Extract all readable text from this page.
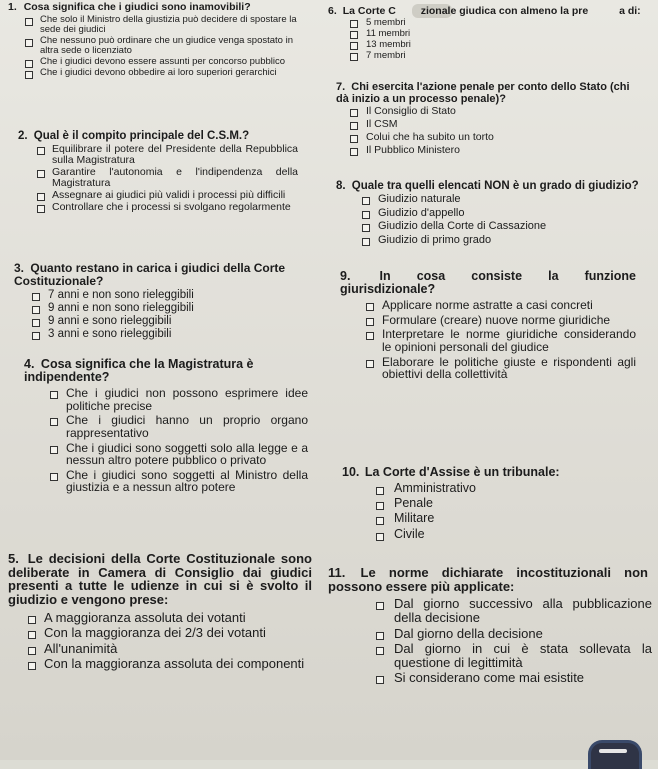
1. Cosa significa che i giudici sono inamovibili?
Che solo il Ministro della giustizia può decidere di spostare la sede dei giudici
Che nessuno può ordinare che un giudice venga spostato in altra sede o licenziato
Che i giudici devono essere assunti per concorso pubblico
Che i giudici devono obbedire ai loro superiori gerarchici
2. Qual è il compito principale del C.S.M.?
Equilibrare il potere del Presidente della Repubblica sulla Magistratura
Garantire l'autonomia e l'indipendenza della Magistratura
Assegnare ai giudici più validi i processi più difficili
Controllare che i processi si svolgano regolarmente
3. Quanto restano in carica i giudici della Corte Costituzionale?
7 anni e non sono rieleggibili
9 anni e non sono rieleggibili
9 anni e sono rieleggibili
3 anni e sono rieleggibili
4. Cosa significa che la Magistratura è indipendente?
Che i giudici non possono esprimere idee politiche precise
Che i giudici hanno un proprio organo rappresentativo
Che i giudici sono soggetti solo alla legge e a nessun altro potere pubblico o privato
Che i giudici sono soggetti al Ministro della giustizia e a nessun altro potere
5. Le decisioni della Corte Costituzionale sono deliberate in Camera di Consiglio dai giudici presenti a tutte le udienze in cui si è svolto il giudizio e vengono prese:
A maggioranza assoluta dei votanti
Con la maggioranza dei 2/3 dei votanti
All'unanimità
Con la maggioranza assoluta dei componenti
6. La Corte C zionale giudica con almeno la pre	a di:
5 membri
11 membri
13 membri
7 membri
7. Chi esercita l'azione penale per conto dello Stato (chi dà inizio a un processo penale)?
Il Consiglio di Stato
Il CSM
Colui che ha subito un torto
Il Pubblico Ministero
8. Quale tra quelli elencati NON è un grado di giudizio?
Giudizio naturale
Giudizio d'appello
Giudizio della Corte di Cassazione
Giudizio di primo grado
9. In cosa consiste la funzione giurisdizionale?
Applicare norme astratte a casi concreti
Formulare (creare) nuove norme giuridiche
Interpretare le norme giuridiche considerando le opinioni personali del giudice
Elaborare le politiche giuste e rispondenti agli obiettivi della collettività
10. La Corte d'Assise è un tribunale:
Amministrativo
Penale
Militare
Civile
11. Le norme dichiarate incostituzionali non possono essere più applicate:
Dal giorno successivo alla pubblicazione della decisione
Dal giorno della decisione
Dal giorno in cui è stata sollevata la questione di legittimità
Si considerano come mai esistite
